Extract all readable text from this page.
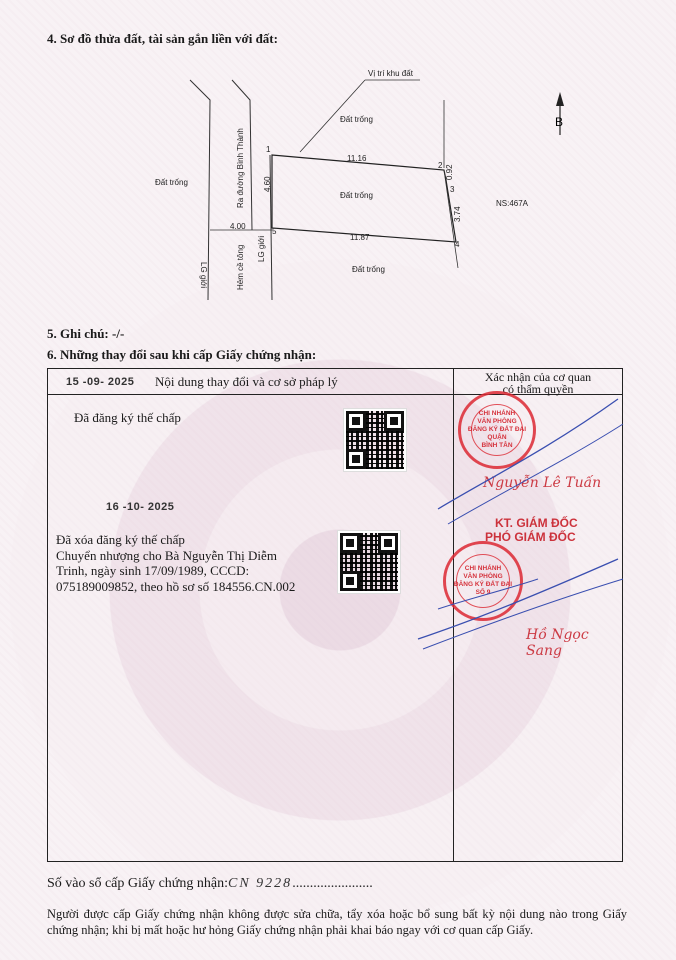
4. Sơ đồ thửa đất, tài sản gắn liền với đất:
Vị trí khu đất
B
Đất trống
Đất trống
Đất trống
Đất trống
NS:467A
11.16
11.87
4.00
1
2
3
4
5
Ra đường Bình Thành
Hẻm cề tông
4.60
0.92
3.74
LG giới
LG giới
5. Ghi chú: -/-
6. Những thay đổi sau khi cấp Giấy chứng nhận:
15 -09- 2025 Nội dung thay đổi và cơ sở pháp lý	Xác nhận của cơ quan
có thẩm quyền
Đã đăng ký thế chấp
16 -10- 2025
Đã xóa đăng ký thế chấp
Chuyển nhượng cho Bà Nguyễn Thị Diễm
Trinh, ngày sinh 17/09/1989, CCCD:
075189009852, theo hồ sơ số 184556.CN.002
CHI NHÁNH
VĂN PHÒNG
ĐĂNG KÝ ĐẤT ĐAI
QUẬN
BÌNH TÂN
Nguyễn Lê Tuấn
KT. GIÁM ĐỐC
PHÓ GIÁM ĐỐC
CHI NHÁNH
VĂN PHÒNG
ĐĂNG KÝ ĐẤT ĐAI
SỐ 9
Hồ Ngọc Sang
Số vào sổ cấp Giấy chứng nhận:CN 9228.......................
Người được cấp Giấy chứng nhận không được sửa chữa, tẩy xóa hoặc bổ sung bất kỳ nội dung nào trong Giấy chứng nhận; khi bị mất hoặc hư hỏng Giấy chứng nhận phải khai báo ngay với cơ quan cấp Giấy.
